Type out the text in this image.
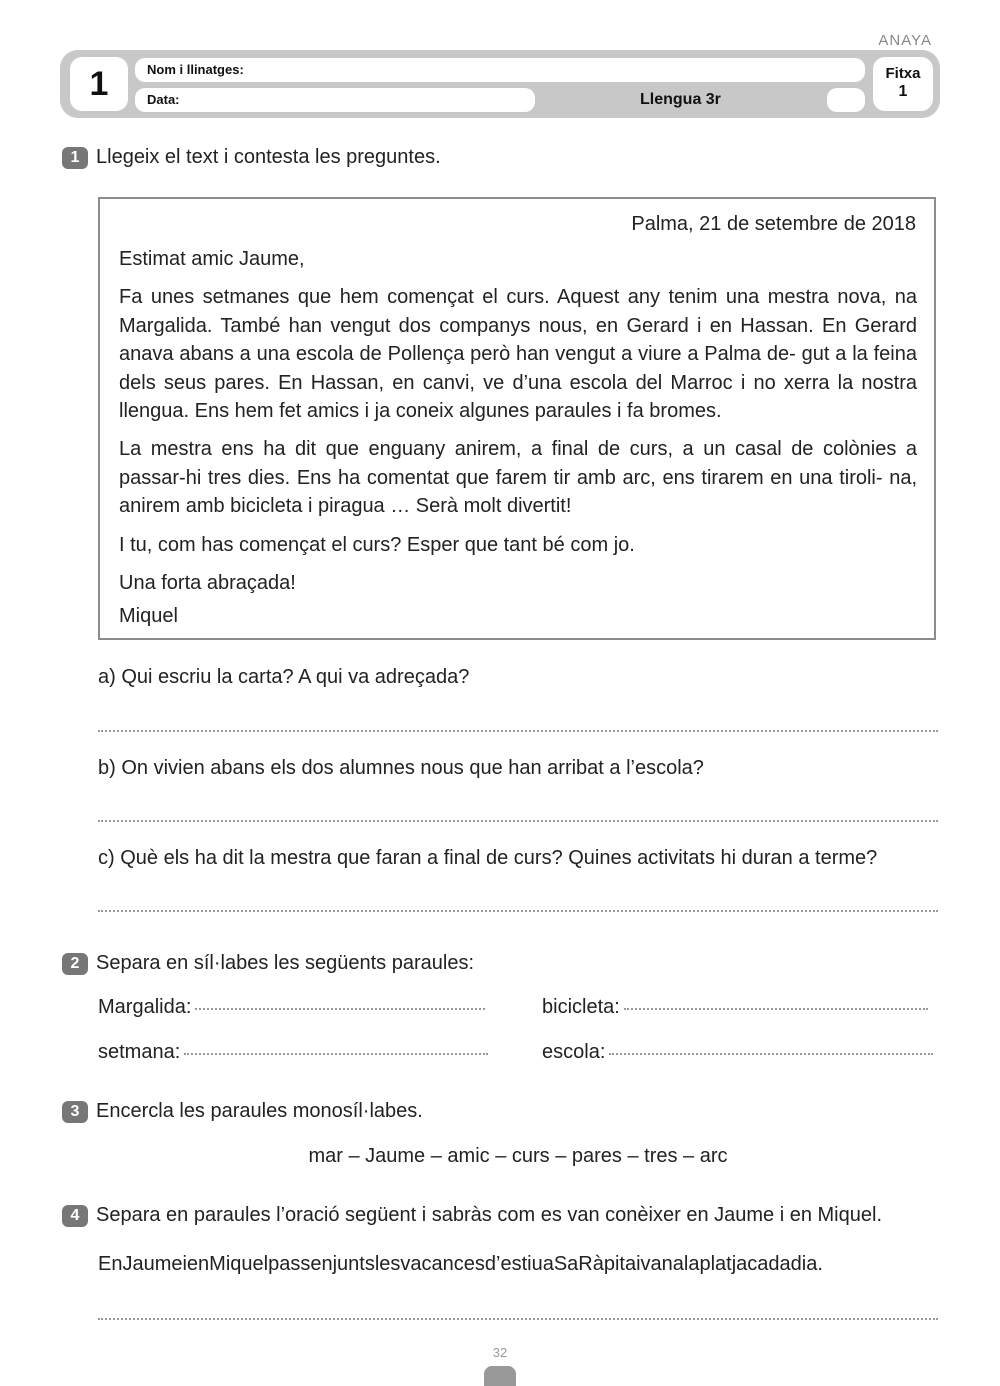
ANAYA
1	Nom i llinatges:
Data:	Llengua 3r
Fitxa
1
1 Llegeix el text i contesta les preguntes.
Palma, 21 de setembre de 2018

Estimat amic Jaume,

Fa unes setmanes que hem començat el curs. Aquest any tenim una mestra nova, na Margalida. També han vengut dos companys nous, en Gerard i en Hassan. En Gerard anava abans a una escola de Pollença però han vengut a viure a Palma de- gut a la feina dels seus pares. En Hassan, en canvi, ve d’una escola del Marroc i no xerra la nostra llengua. Ens hem fet amics i ja coneix algunes paraules i fa bromes.

La mestra ens ha dit que enguany anirem, a final de curs, a un casal de colònies a passar-hi tres dies. Ens ha comentat que farem tir amb arc, ens tirarem en una tiroli- na, anirem amb bicicleta i piragua … Serà molt divertit!

I tu, com has començat el curs? Esper que tant bé com jo.

Una forta abraçada!

Miquel

a) Qui escriu la carta? A qui va adreçada?
b) On vivien abans els dos alumnes nous que han arribat a l’escola?
c) Què els ha dit la mestra que faran a final de curs? Quines activitats hi duran a terme?
2 Separa en síl·labes les següents paraules:
Margalida:	bicicleta:
setmana:	escola:
3 Encercla les paraules monosíl·labes.
mar – Jaume – amic – curs – pares – tres – arc
4 Separa en paraules l’oració següent i sabràs com es van conèixer en Jaume i en Miquel.
EnJaumeienMiquelpassenjuntslesvacancesd’estiuaSaRàpitaivanalaplatjacadadia.
32
